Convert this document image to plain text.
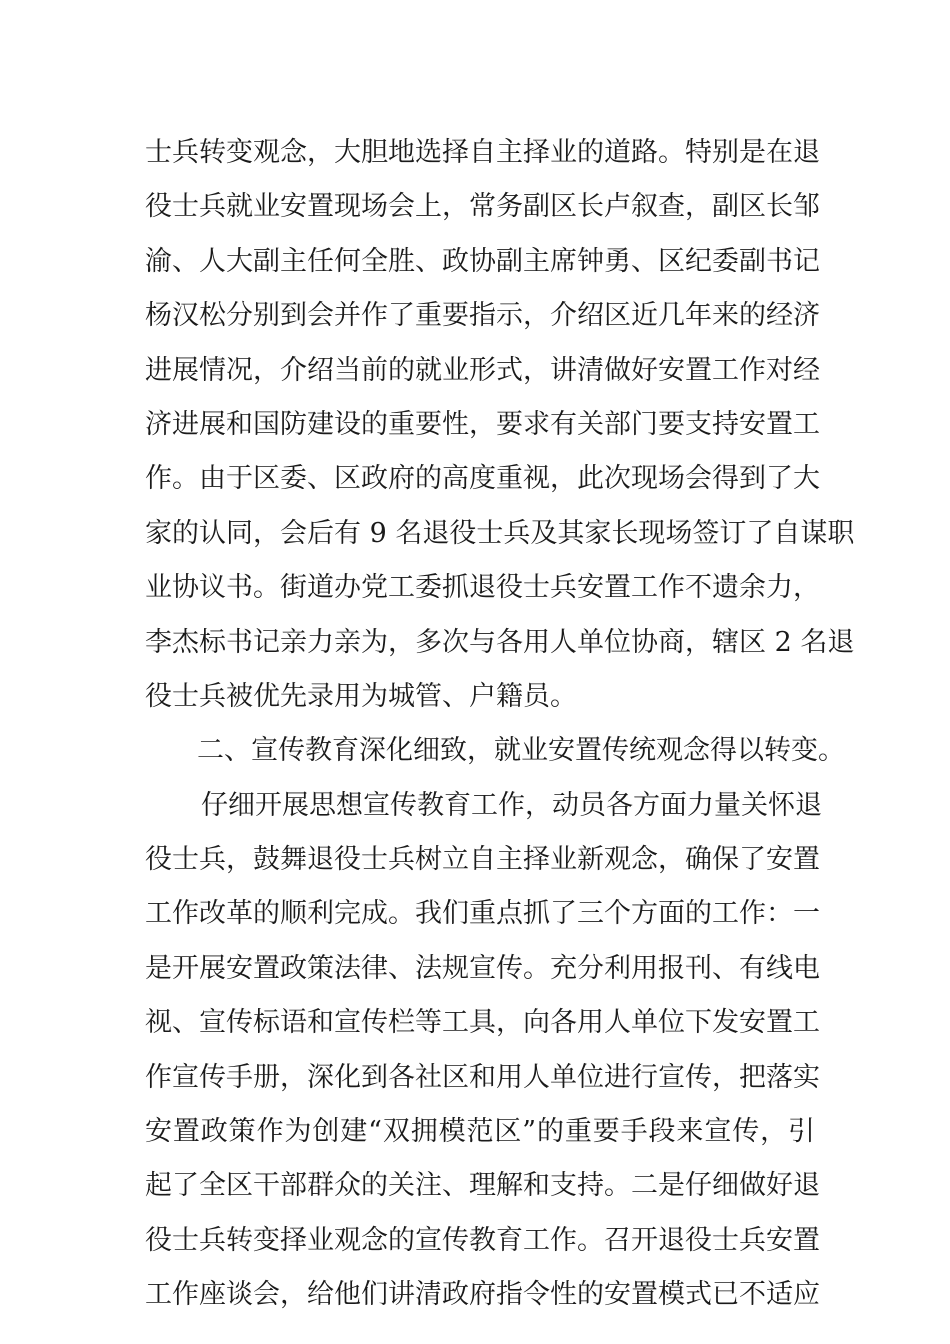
士兵转变观念，大胆地选择自主择业的道路。特别是在退
役士兵就业安置现场会上，常务副区长卢叙查，副区长邹
渝、人大副主任何全胜、政协副主席钟勇、区纪委副书记
杨汉松分别到会并作了重要指示，介绍区近几年来的经济
进展情况，介绍当前的就业形式，讲清做好安置工作对经
济进展和国防建设的重要性，要求有关部门要支持安置工
作。由于区委、区政府的高度重视，此次现场会得到了大
家的认同，会后有 9 名退役士兵及其家长现场签订了自谋职
业协议书。街道办党工委抓退役士兵安置工作不遗余力，
李杰标书记亲力亲为，多次与各用人单位协商，辖区 2 名退
役士兵被优先录用为城管、户籍员。
二、宣传教育深化细致，就业安置传统观念得以转变。
仔细开展思想宣传教育工作，动员各方面力量关怀退
役士兵，鼓舞退役士兵树立自主择业新观念，确保了安置
工作改革的顺利完成。我们重点抓了三个方面的工作：一
是开展安置政策法律、法规宣传。充分利用报刊、有线电
视、宣传标语和宣传栏等工具，向各用人单位下发安置工
作宣传手册，深化到各社区和用人单位进行宣传，把落实
安置政策作为创建“双拥模范区”的重要手段来宣传，引
起了全区干部群众的关注、理解和支持。二是仔细做好退
役士兵转变择业观念的宣传教育工作。召开退役士兵安置
工作座谈会，给他们讲清政府指令性的安置模式已不适应
